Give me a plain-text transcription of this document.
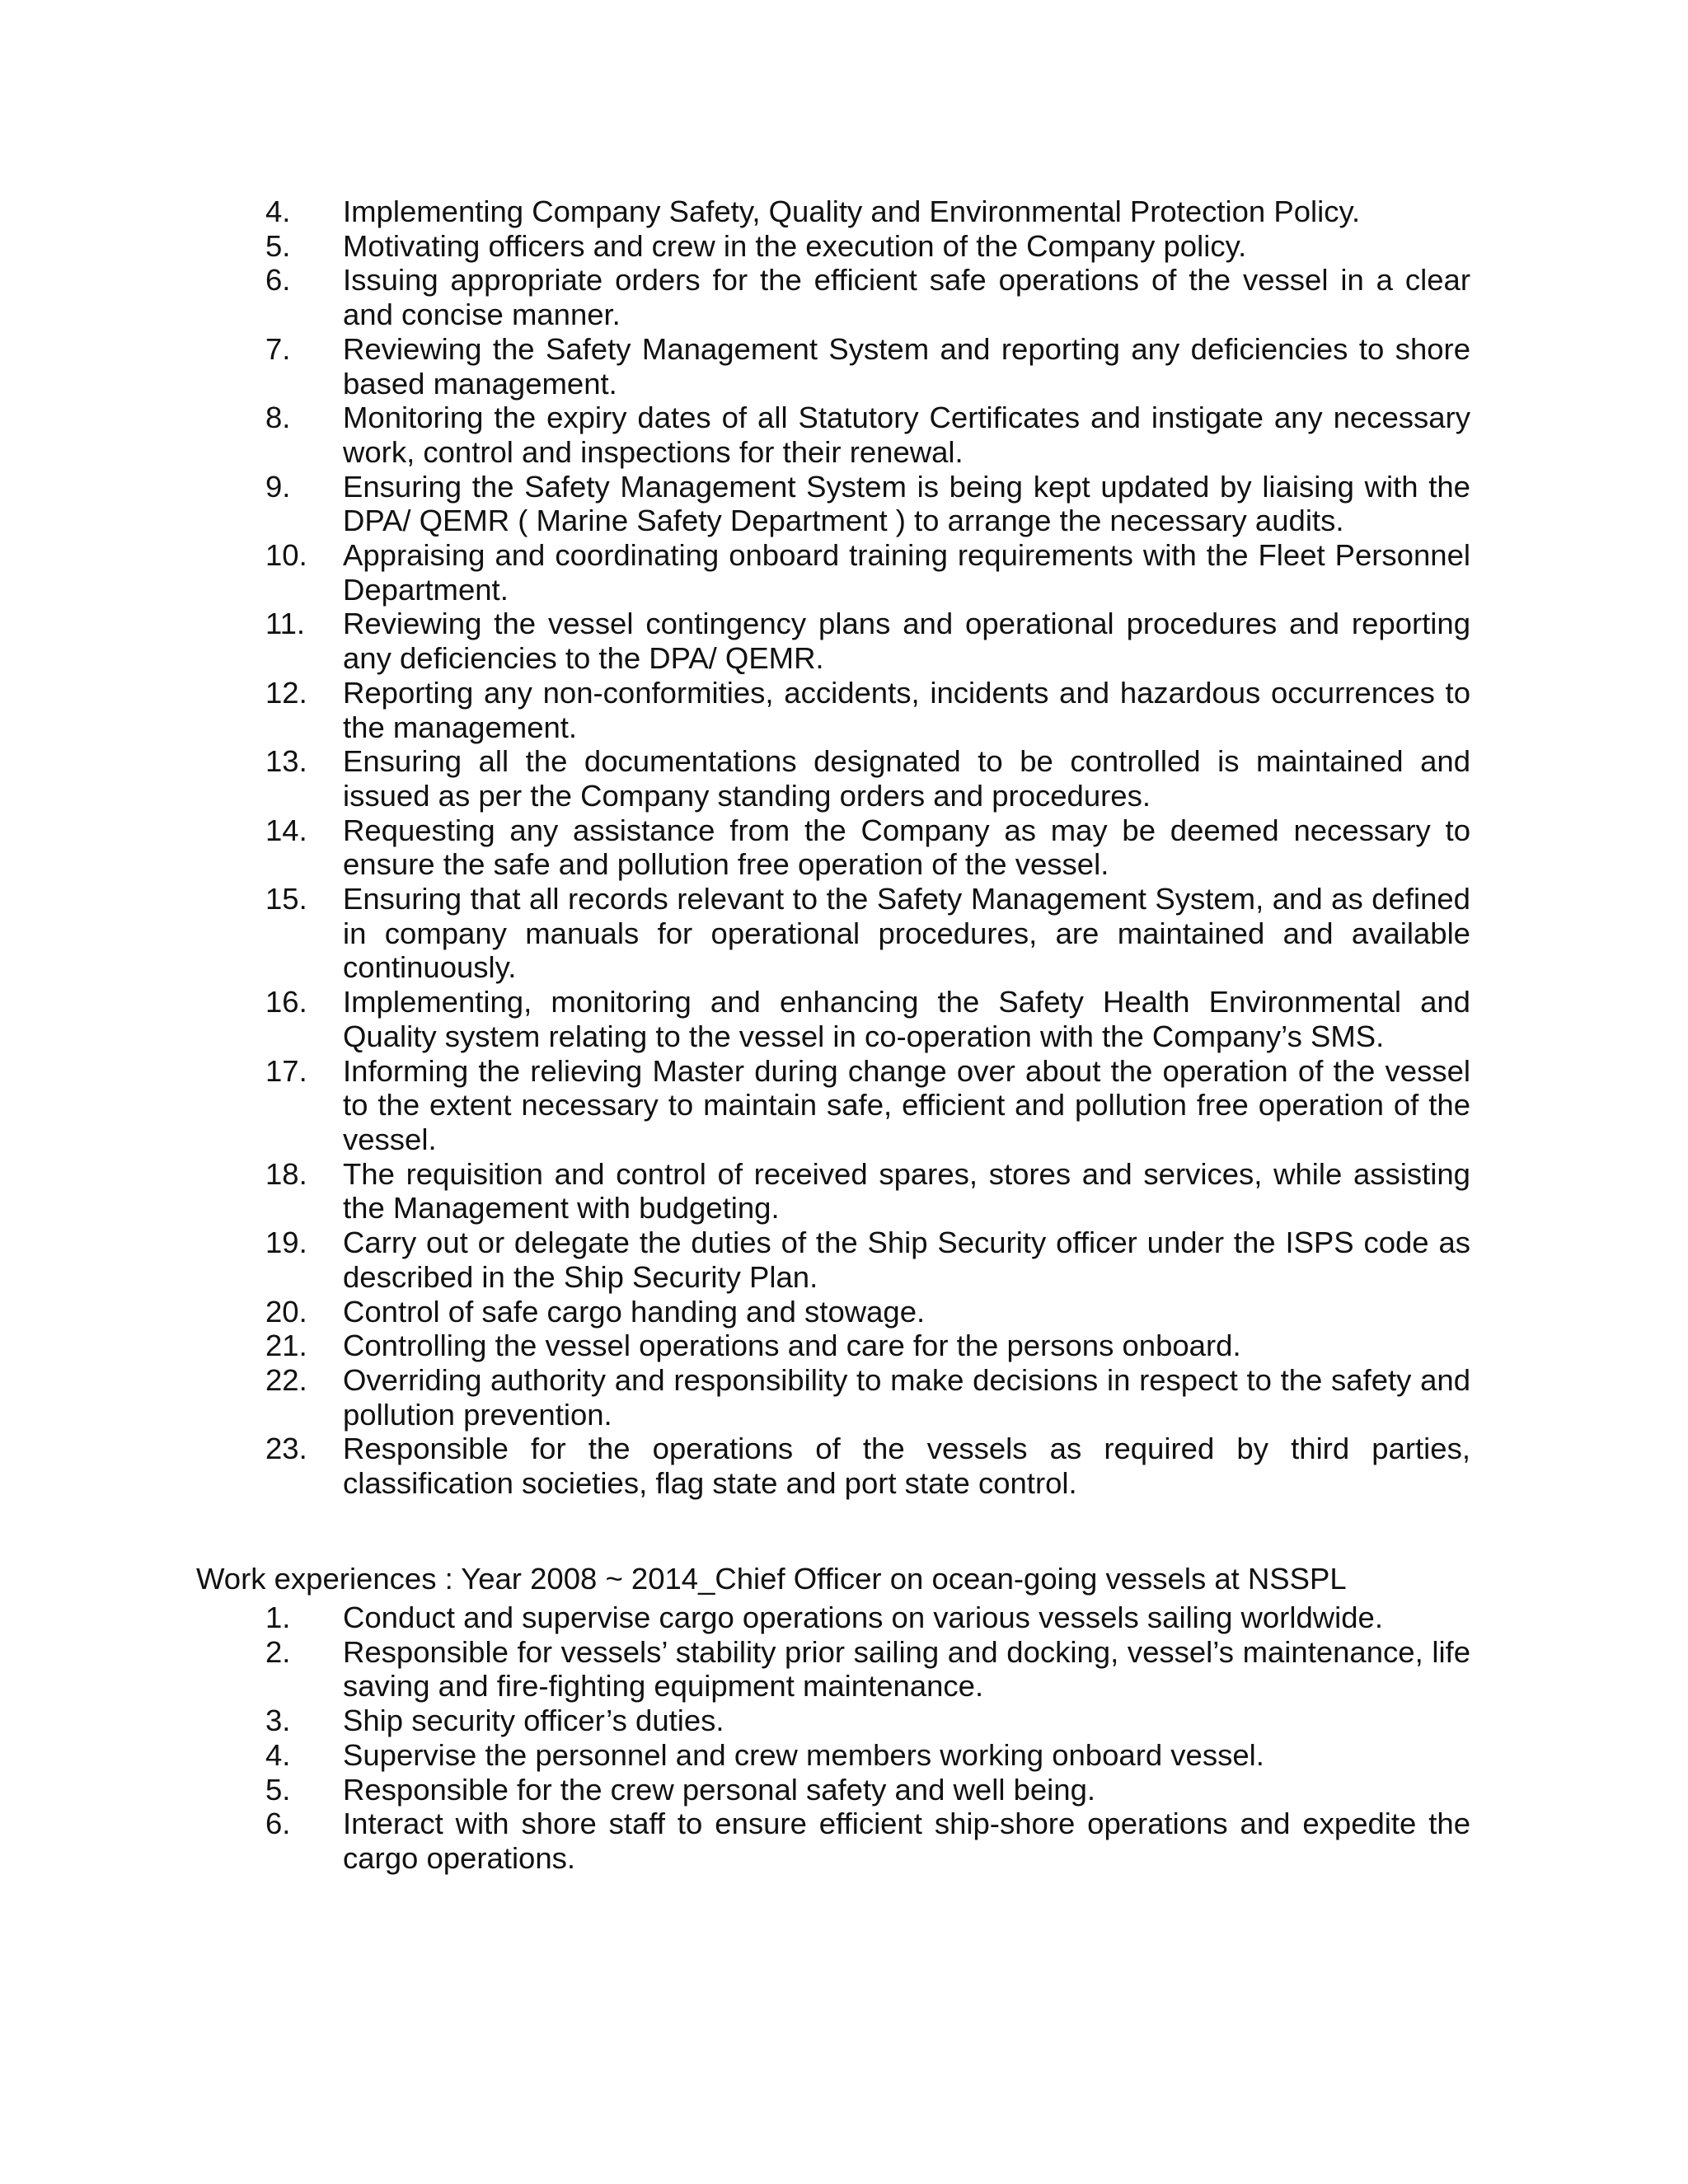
4.	Implementing Company Safety, Quality and Environmental Protection Policy.
5.	Motivating officers and crew in the execution of the Company policy.
6.	Issuing appropriate orders for the efficient safe operations of the vessel in a clear and concise manner.
7.	Reviewing the Safety Management System and reporting any deficiencies to shore based management.
8.	Monitoring the expiry dates of all Statutory Certificates and instigate any necessary work, control and inspections for their renewal.
9.	Ensuring the Safety Management System is being kept updated by liaising with the DPA/ QEMR ( Marine Safety Department ) to arrange the necessary audits.
10.	Appraising and coordinating onboard training requirements with the Fleet Personnel Department.
11.	Reviewing the vessel contingency plans and operational procedures and reporting any deficiencies to the DPA/ QEMR.
12.	Reporting any non-conformities, accidents, incidents and hazardous occurrences to the management.
13.	Ensuring all the documentations designated to be controlled is maintained and issued as per the Company standing orders and procedures.
14.	Requesting any assistance from the Company as may be deemed necessary to ensure the safe and pollution free operation of the vessel.
15.	Ensuring that all records relevant to the Safety Management System, and as defined in company manuals for operational procedures, are maintained and available continuously.
16.	Implementing, monitoring and enhancing the Safety Health Environmental and Quality system relating to the vessel in co-operation with the Company’s SMS.
17.	Informing the relieving Master during change over about the operation of the vessel to the extent necessary to maintain safe, efficient and pollution free operation of the vessel.
18.	The requisition and control of received spares, stores and services, while assisting the Management with budgeting.
19.	Carry out or delegate the duties of the Ship Security officer under the ISPS code as described in the Ship Security Plan.
20.	Control of safe cargo handing and stowage.
21.	Controlling the vessel operations and care for the persons onboard.
22.	Overriding authority and responsibility to make decisions in respect to the safety and pollution prevention.
23.	Responsible for the operations of the vessels as required by third parties, classification societies, flag state and port state control.

Work experiences : Year 2008 ~ 2014_Chief Officer on ocean-going vessels at NSSPL

1.	Conduct and supervise cargo operations on various vessels sailing worldwide.
2.	Responsible for vessels’ stability prior sailing and docking, vessel’s maintenance, life saving and fire-fighting equipment maintenance.
3.	Ship security officer’s duties.
4.	Supervise the personnel and crew members working onboard vessel.
5.	Responsible for the crew personal safety and well being.
6.	Interact with shore staff to ensure efficient ship-shore operations and expedite the cargo operations.
